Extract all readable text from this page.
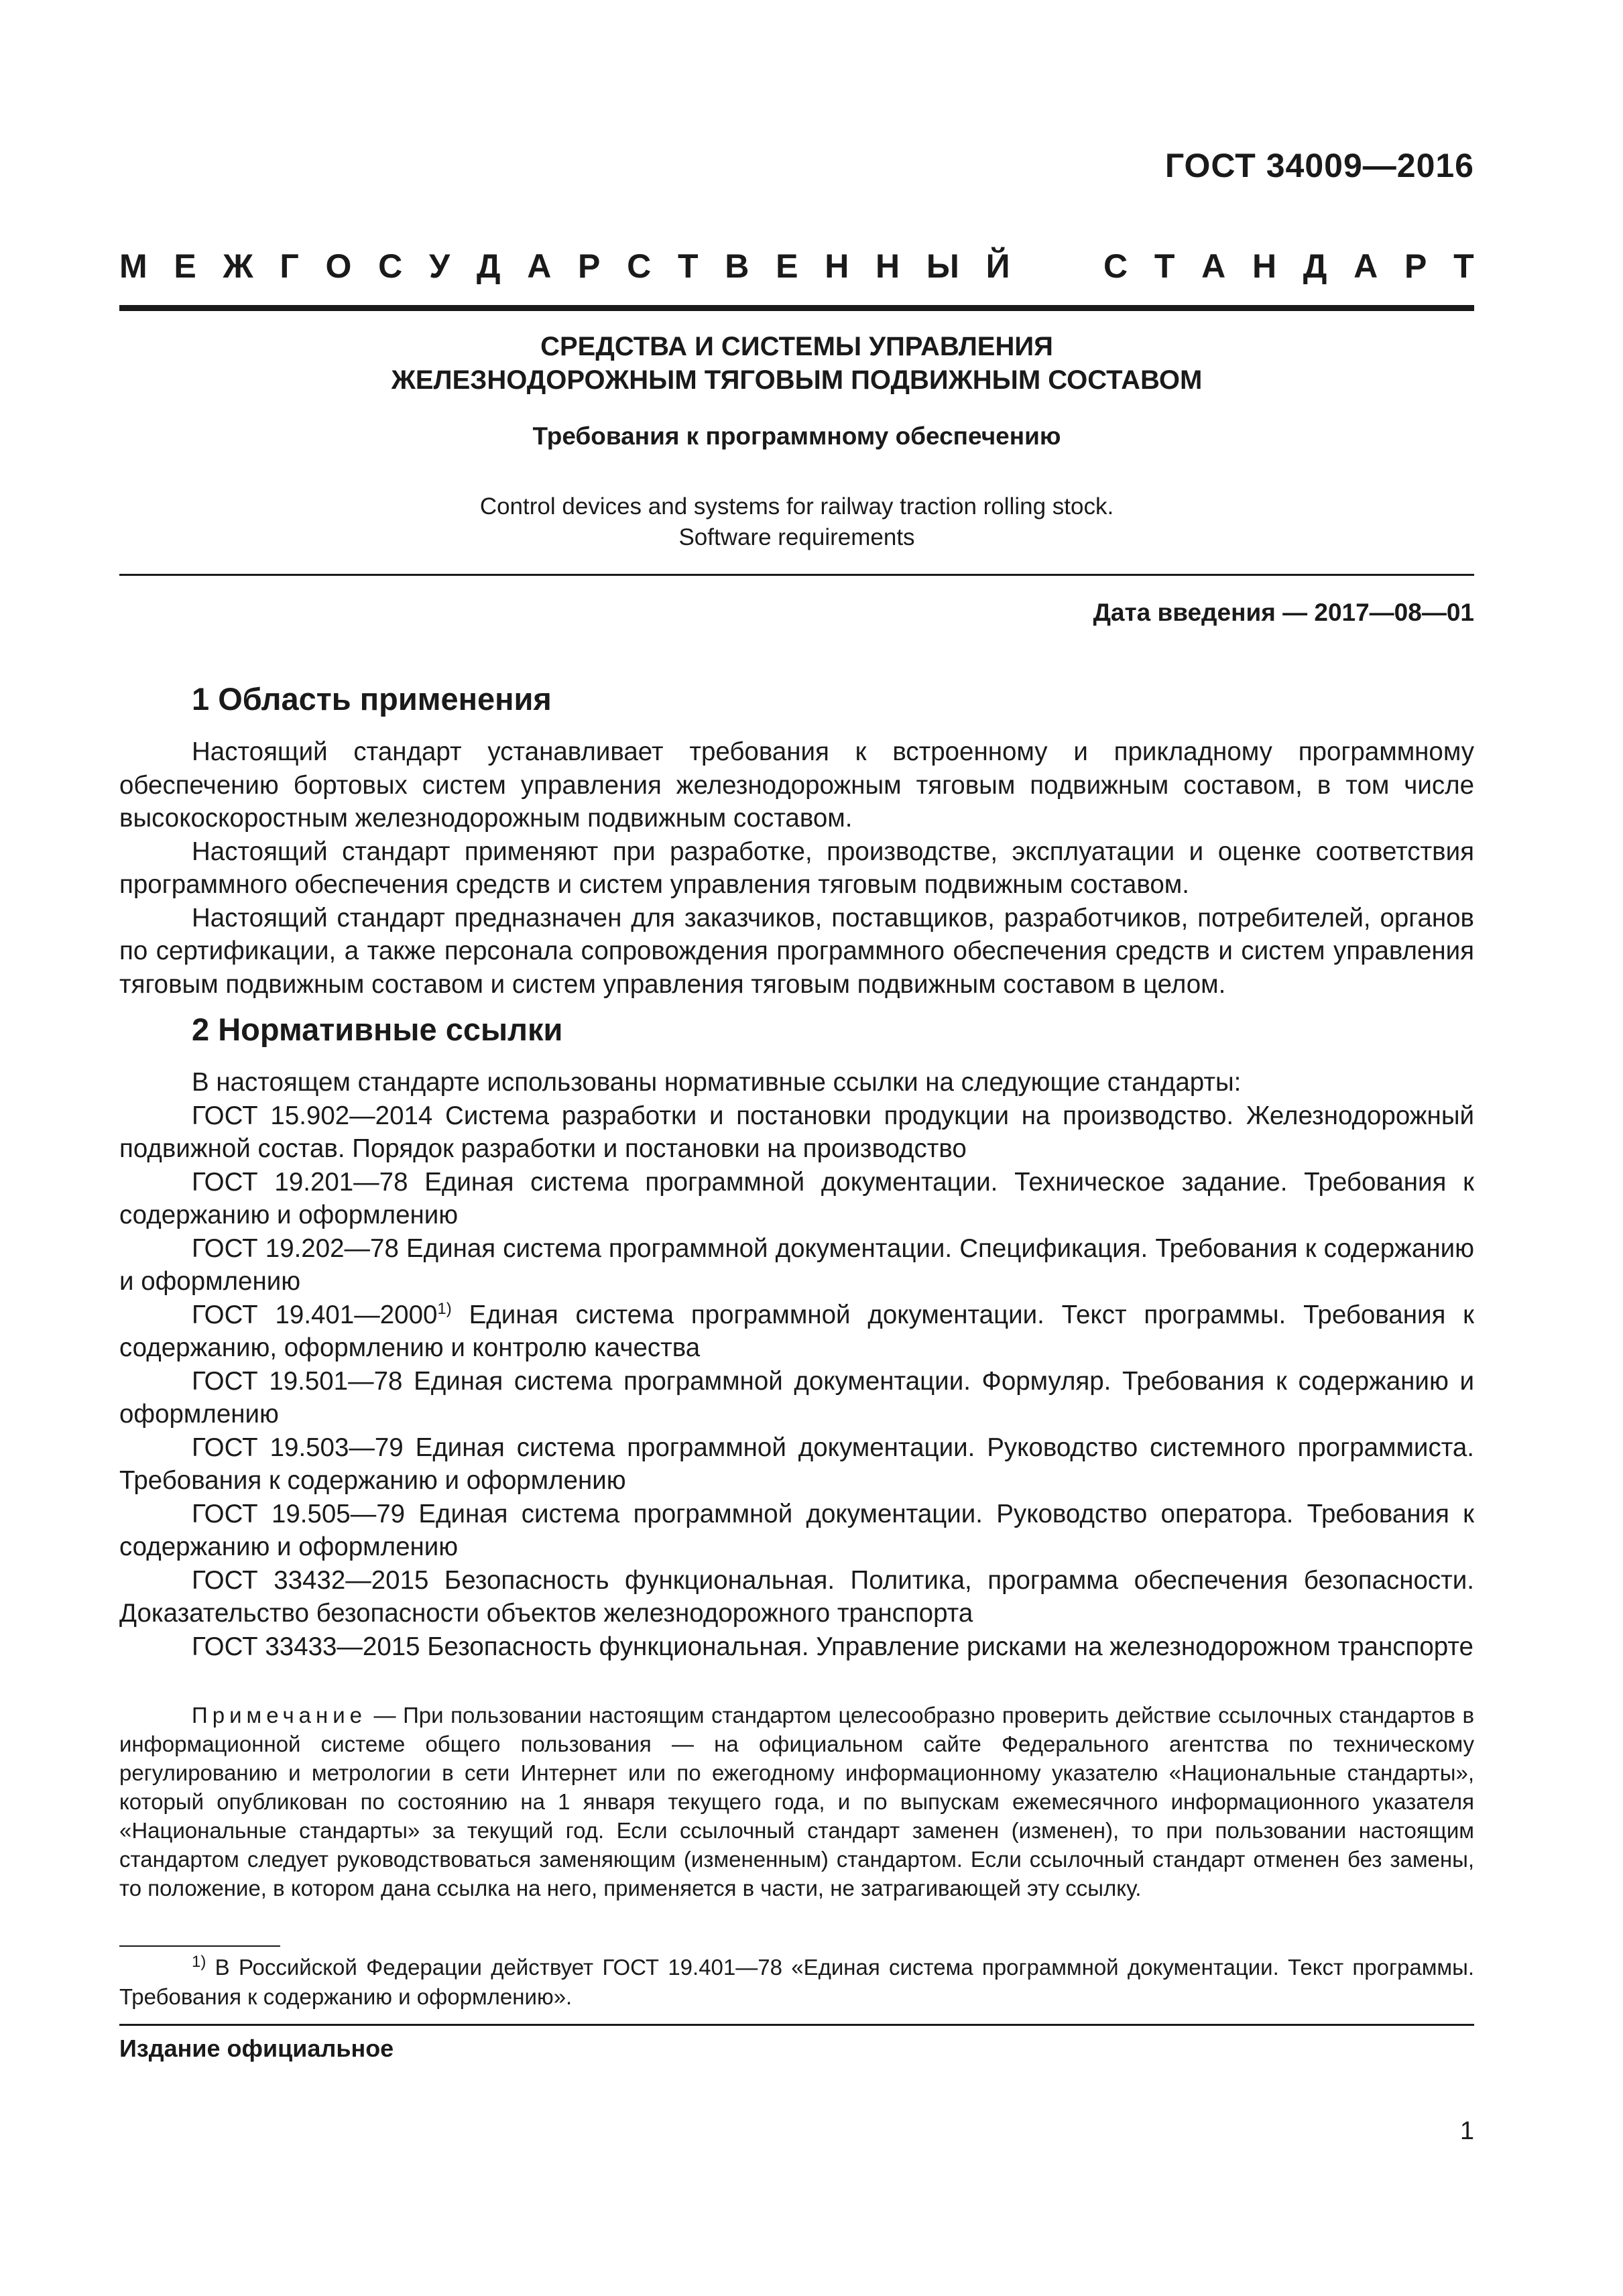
ГОСТ 34009—2016
М Е Ж Г О С У Д А Р С Т В Е Н Н Ы Й	С Т А Н Д А Р Т
СРЕДСТВА И СИСТЕМЫ УПРАВЛЕНИЯ
ЖЕЛЕЗНОДОРОЖНЫМ ТЯГОВЫМ ПОДВИЖНЫМ СОСТАВОМ
Требования к программному обеспечению
Control devices and systems for railway traction rolling stock.
Software requirements
Дата введения — 2017—08—01
1 Область применения

Настоящий стандарт устанавливает требования к встроенному и прикладному программному обеспечению бортовых систем управления железнодорожным тяговым подвижным составом, в том числе высокоскоростным железнодорожным подвижным составом.

Настоящий стандарт применяют при разработке, производстве, эксплуатации и оценке соответствия программного обеспечения средств и систем управления тяговым подвижным составом.

Настоящий стандарт предназначен для заказчиков, поставщиков, разработчиков, потребителей, органов по сертификации, а также персонала сопровождения программного обеспечения средств и систем управления тяговым подвижным составом и систем управления тяговым подвижным составом в целом.

2 Нормативные ссылки

В настоящем стандарте использованы нормативные ссылки на следующие стандарты:

ГОСТ 15.902—2014 Система разработки и постановки продукции на производство. Железнодорожный подвижной состав. Порядок разработки и постановки на производство

ГОСТ 19.201—78 Единая система программной документации. Техническое задание. Требования к содержанию и оформлению

ГОСТ 19.202—78 Единая система программной документации. Спецификация. Требования к содержанию и оформлению

ГОСТ 19.401—2000$^{1)}$ Единая система программной документации. Текст программы. Требования к содержанию, оформлению и контролю качества

ГОСТ 19.501—78 Единая система программной документации. Формуляр. Требования к содержанию и оформлению

ГОСТ 19.503—79 Единая система программной документации. Руководство системного программиста. Требования к содержанию и оформлению

ГОСТ 19.505—79 Единая система программной документации. Руководство оператора. Требования к содержанию и оформлению

ГОСТ 33432—2015 Безопасность функциональная. Политика, программа обеспечения безопасности. Доказательство безопасности объектов железнодорожного транспорта

ГОСТ 33433—2015 Безопасность функциональная. Управление рисками на железнодорожном транспорте

Примечание — При пользовании настоящим стандартом целесообразно проверить действие ссылочных стандартов в информационной системе общего пользования — на официальном сайте Федерального агентства по техническому регулированию и метрологии в сети Интернет или по ежегодному информационному указателю «Национальные стандарты», который опубликован по состоянию на 1 января текущего года, и по выпускам ежемесячного информационного указателя «Национальные стандарты» за текущий год. Если ссылочный стандарт заменен (изменен), то при пользовании настоящим стандартом следует руководствоваться заменяющим (измененным) стандартом. Если ссылочный стандарт отменен без замены, то положение, в котором дана ссылка на него, применяется в части, не затрагивающей эту ссылку.

$^{1)}$ В Российской Федерации действует ГОСТ 19.401—78 «Единая система программной документации. Текст программы. Требования к содержанию и оформлению».

Издание официальное
1
